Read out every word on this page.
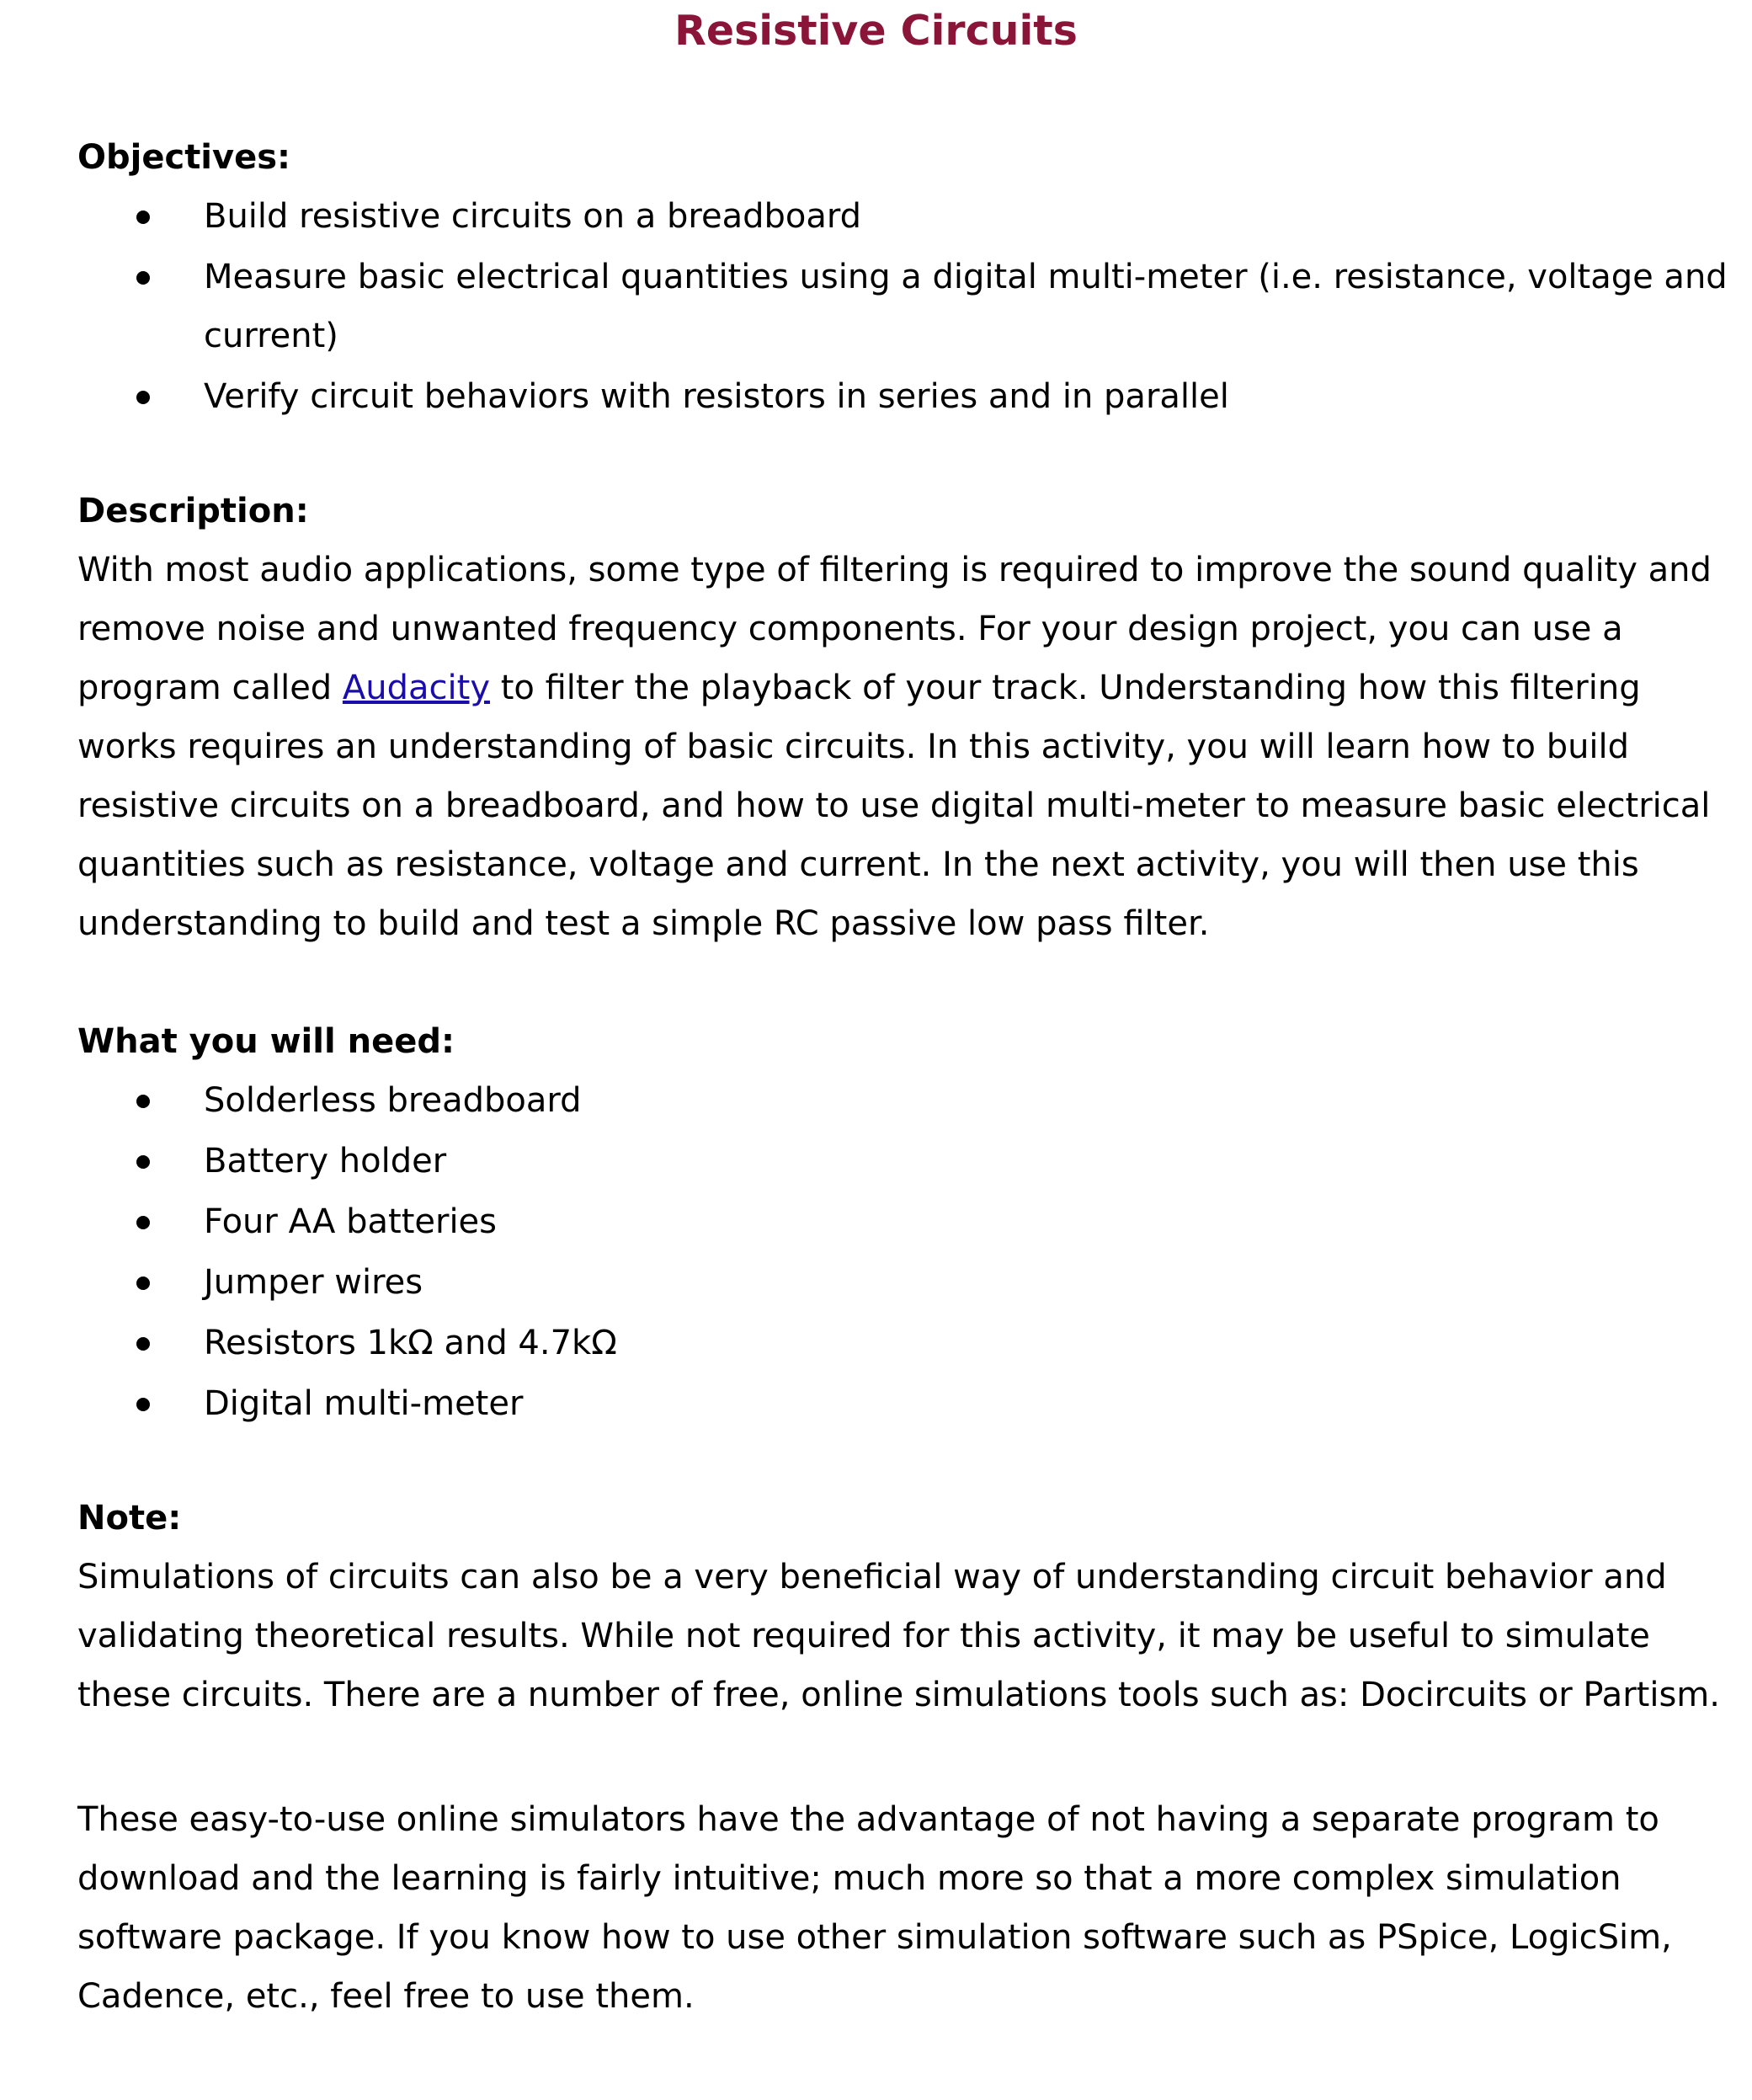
Resistive Circuits
Objectives:
Build resistive circuits on a breadboard
Measure basic electrical quantities using a digital multi-meter (i.e. resistance, voltage and current)
Verify circuit behaviors with resistors in series and in parallel
Description:

With most audio applications, some type of filtering is required to improve the sound quality and remove noise and unwanted frequency components. For your design project, you can use a program called Audacity to filter the playback of your track. Understanding how this filtering works requires an understanding of basic circuits. In this activity, you will learn how to build resistive circuits on a breadboard, and how to use digital multi-meter to measure basic electrical quantities such as resistance, voltage and current. In the next activity, you will then use this understanding to build and test a simple RC passive low pass filter.

What you will need:
Solderless breadboard
Battery holder
Four AA batteries
Jumper wires
Resistors 1kΩ and 4.7kΩ
Digital multi-meter
Note:

Simulations of circuits can also be a very beneficial way of understanding circuit behavior and validating theoretical results. While not required for this activity, it may be useful to simulate these circuits. There are a number of free, online simulations tools such as: Docircuits or Partism.

These easy-to-use online simulators have the advantage of not having a separate program to download and the learning is fairly intuitive; much more so that a more complex simulation software package. If you know how to use other simulation software such as PSpice, LogicSim, Cadence, etc., feel free to use them.
